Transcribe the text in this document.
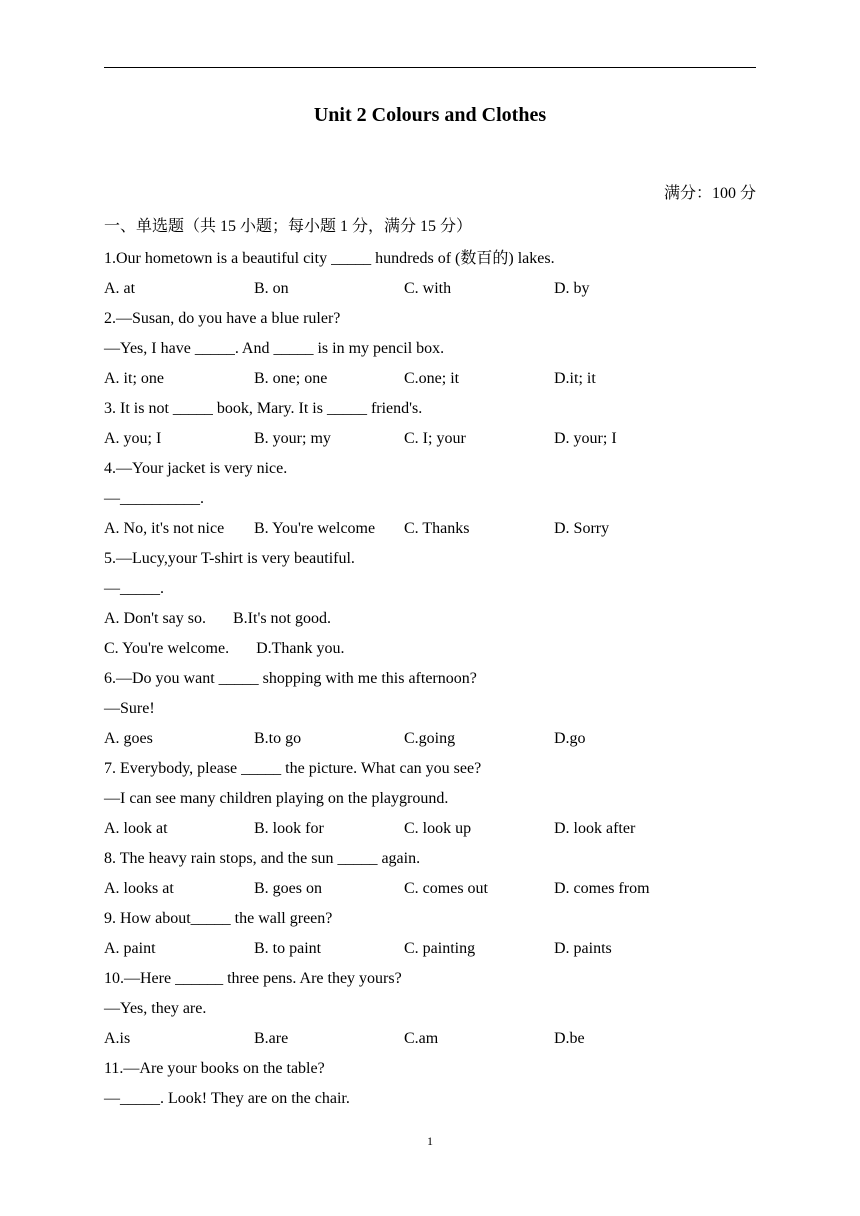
Unit 2 Colours and Clothes
满分：100 分
一、单选题（共 15 小题；每小题 1 分，满分 15 分）
1.Our hometown is a beautiful city _____ hundreds of (数百的) lakes.
A. at	B. on	C. with	D. by
2.—Susan, do you have a blue ruler?
—Yes, I have _____. And _____ is in my pencil box.
A. it; one	B. one; one	C.one; it	D.it; it
3. It is not _____ book, Mary. It is _____ friend's.
A. you; I	B. your; my	C. I; your	D. your; I
4.—Your jacket is very nice.
—__________.
A. No, it's not nice B. You're welcome C. Thanks	D. Sorry
5.—Lucy,your T-shirt is very beautiful.
—_____.
A. Don't say so. B.It's not good.
C. You're welcome. D.Thank you.
6.—Do you want _____ shopping with me this afternoon?
—Sure!
A. goes	B.to go	C.going	D.go
7. Everybody, please _____ the picture. What can you see?
—I can see many children playing on the playground.
A. look at	B. look for	C. look up	D. look after
8. The heavy rain stops, and the sun _____ again.
A. looks at	B. goes on	C. comes out	D. comes from
9. How about_____ the wall green?
A. paint	B. to paint	C. painting	D. paints
10.—Here ______ three pens. Are they yours?
—Yes, they are.
A.is	B.are	C.am	D.be
11.—Are your books on the table?
—_____. Look! They are on the chair.
1
